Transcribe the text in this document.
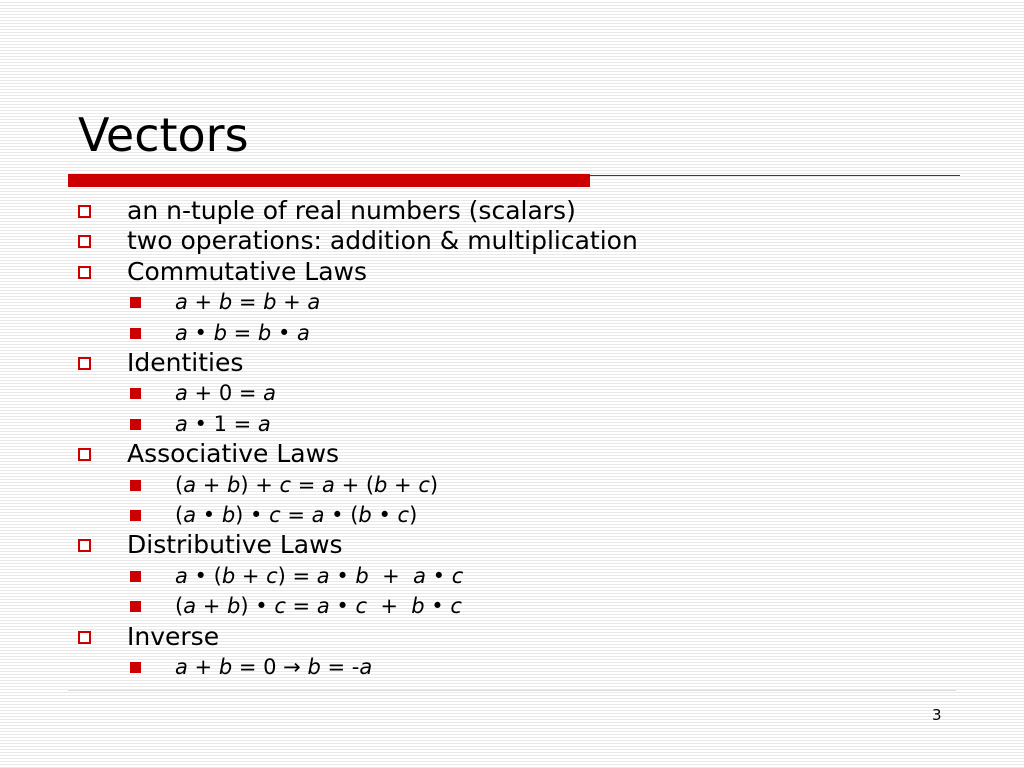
Vectors
an n-tuple of real numbers (scalars)
two operations: addition & multiplication
Commutative Laws
a + b = b + a
a • b = b • a
Identities
a + 0 = a
a • 1 = a
Associative Laws
(a + b) + c = a + (b + c)
(a • b) • c = a • (b • c)
Distributive Laws
a • (b + c) = a • b  +  a • c
(a + b) • c = a • c  +  b • c
Inverse
a + b = 0 → b = -a
3
